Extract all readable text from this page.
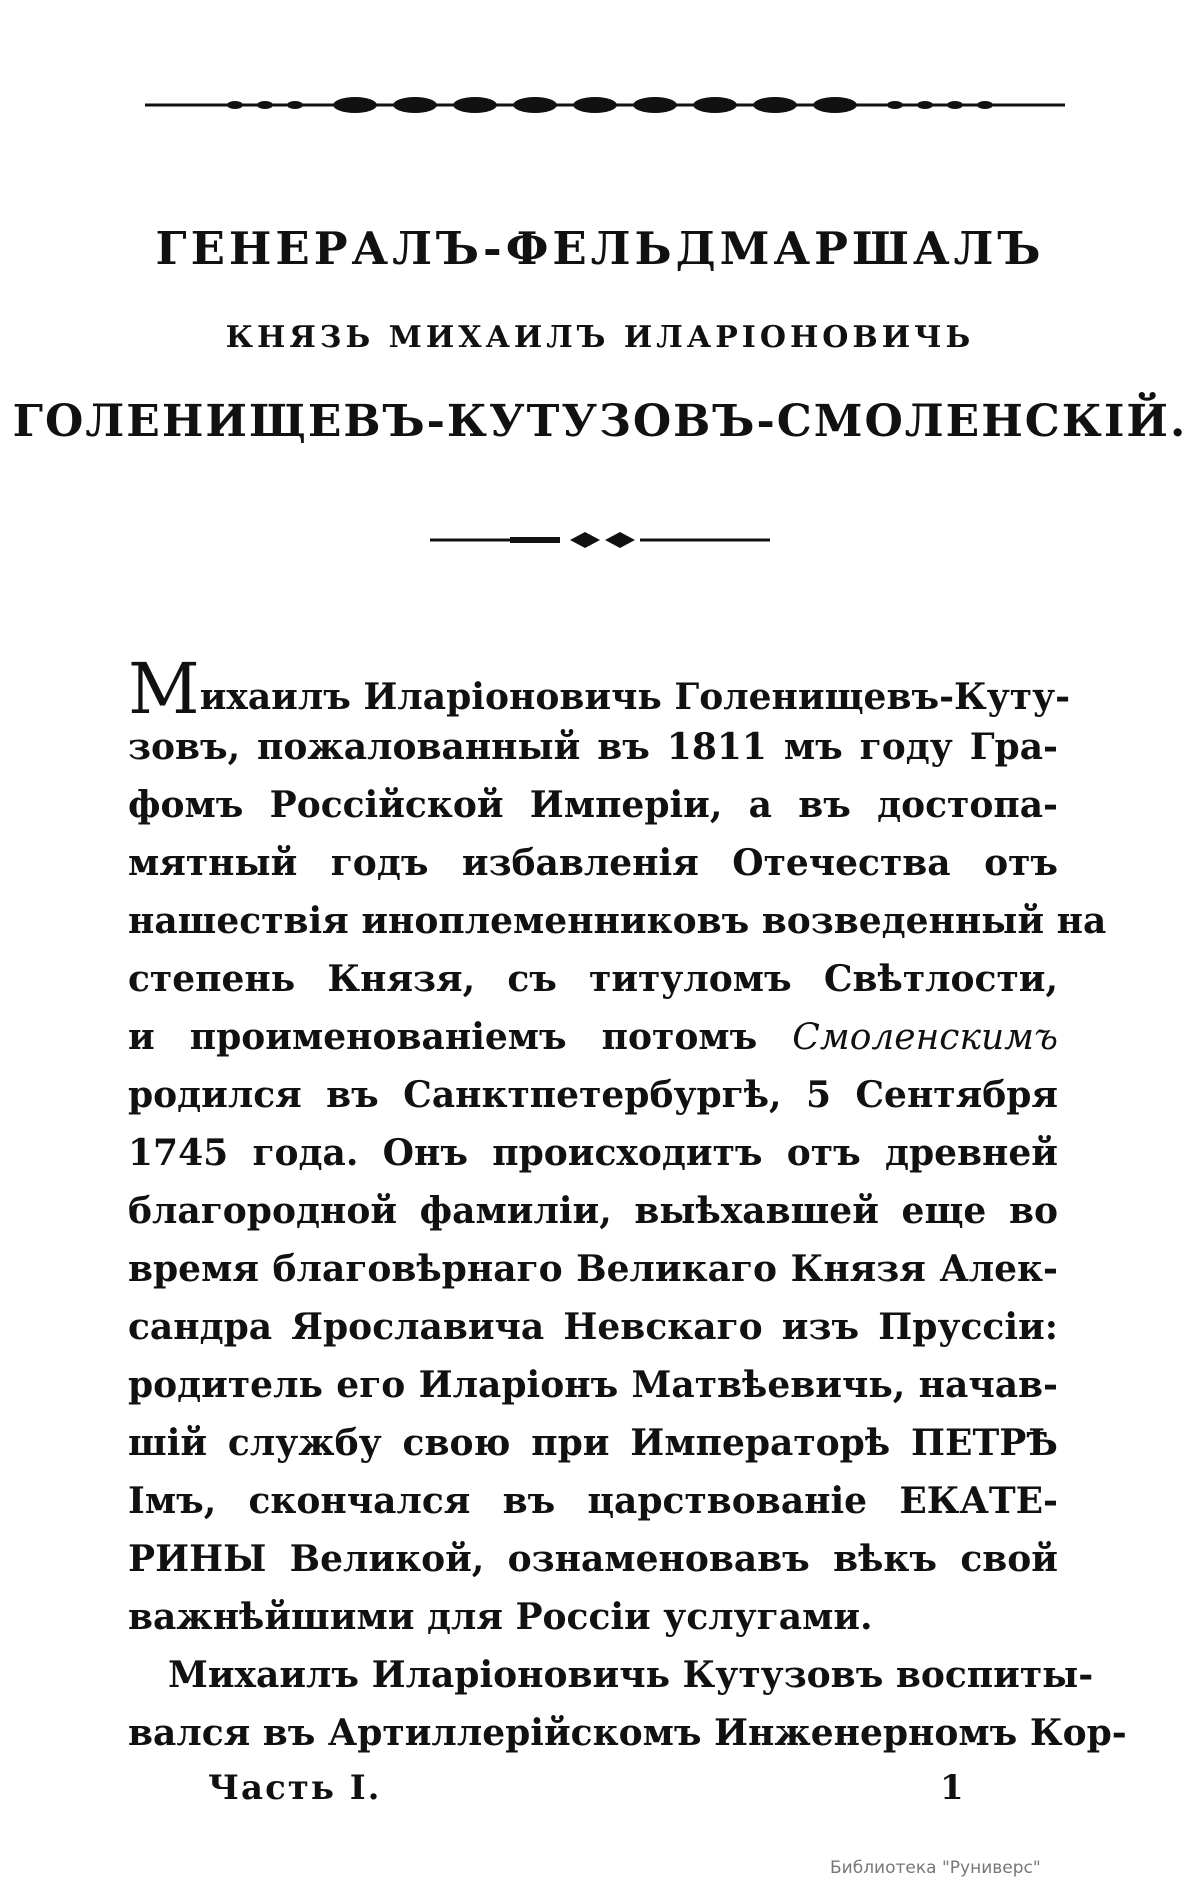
ГЕНЕРАЛЪ-ФЕЛЬДМАРШАЛЪ
КНЯЗЬ МИХАИЛЪ ИЛАРІОНОВИЧЬ
ГОЛЕНИЩЕВЪ-КУТУЗОВЪ-СМОЛЕНСКІЙ.
Михаилъ Иларіоновичь Голенищевъ-Куту-
зовъ, пожалованный въ 1811 мъ году Гра-
фомъ Россійской Имперіи, а въ достопа-
мятный годъ избавленія Отечества отъ
нашествія иноплеменниковъ возведенный на
степень Князя, съ титуломъ Свѣтлости,
и проименованіемъ потомъ Смоленскимъ
родился въ Санктпетербургѣ, 5 Сентября
1745 года. Онъ происходитъ отъ древней
благородной фамиліи, выѣхавшей еще во
время благовѣрнаго Великаго Князя Алек-
сандра Ярославича Невскаго изъ Пруссіи:
родитель его Иларіонъ Матвѣевичь, начав-
шій службу свою при Императорѣ ПЕТРѢ
Імъ, скончался въ царствованіе ЕКАТЕ-
РИНЫ Великой, ознаменовавъ вѣкъ свой
важнѣйшими для Россіи услугами.
Михаилъ Иларіоновичь Кутузовъ воспиты-
вался въ Артиллерійскомъ Инженерномъ Кор-
Часть I.	1
Библиотека "Руниверс"
